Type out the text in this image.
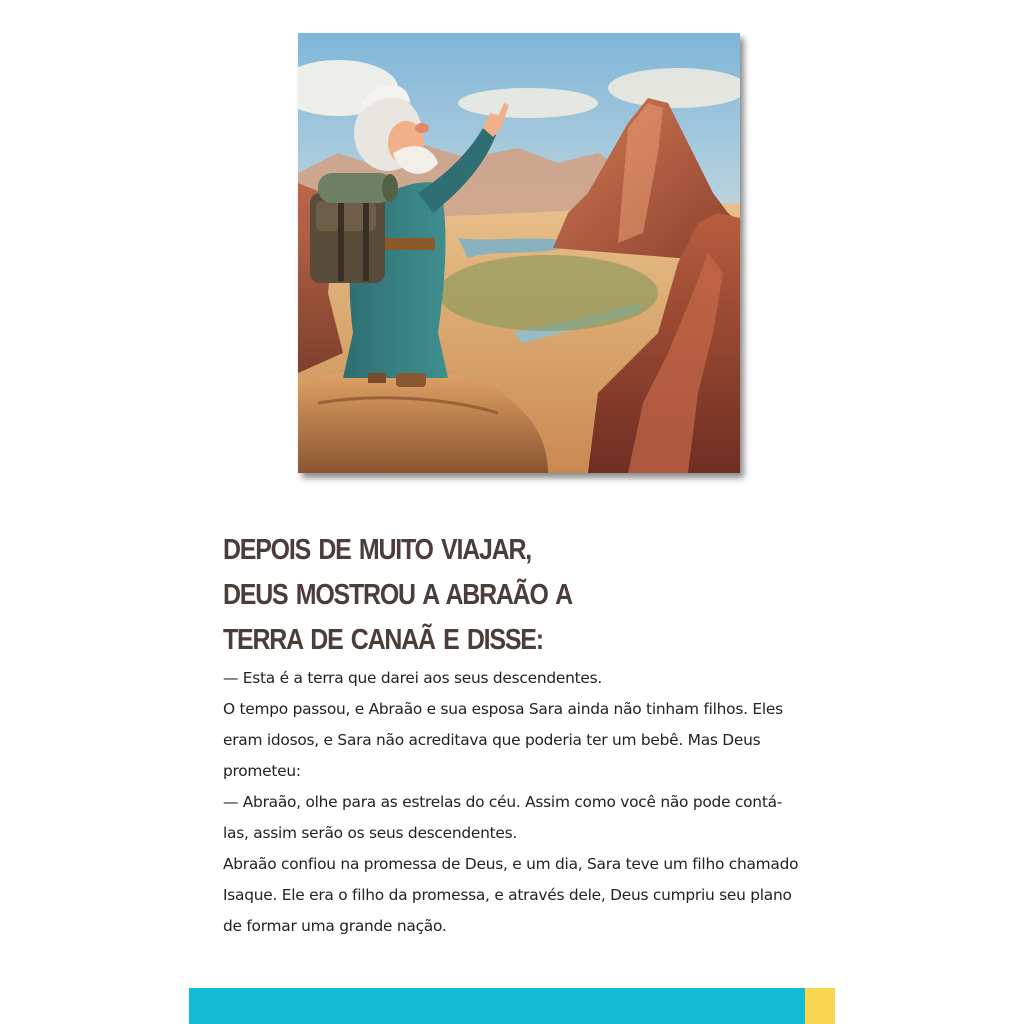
DEPOIS DE MUITO VIAJAR, DEUS MOSTROU A ABRAÃO A TERRA DE CANAÃ E DISSE:

— Esta é a terra que darei aos seus descendentes.

O tempo passou, e Abraão e sua esposa Sara ainda não tinham filhos. Eles eram idosos, e Sara não acreditava que poderia ter um bebê. Mas Deus prometeu:

— Abraão, olhe para as estrelas do céu. Assim como você não pode contá-las, assim serão os seus descendentes.

Abraão confiou na promessa de Deus, e um dia, Sara teve um filho chamado Isaque. Ele era o filho da promessa, e através dele, Deus cumpriu seu plano de formar uma grande nação.
